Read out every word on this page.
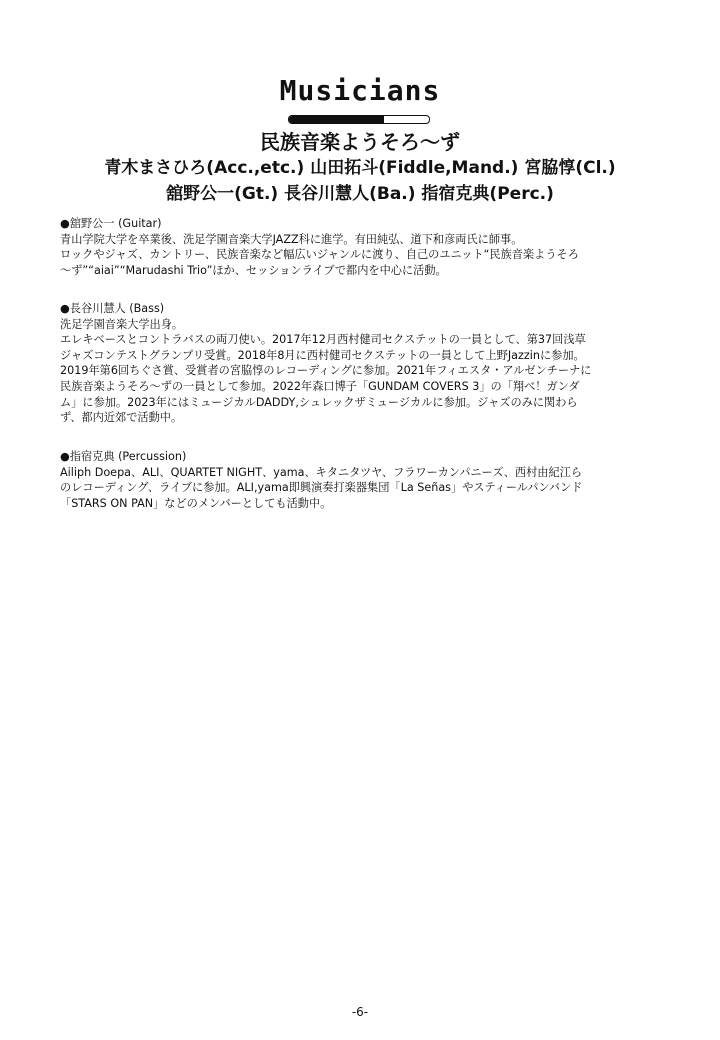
Musicians
民族音楽ようそろ～ず
青木まさひろ(Acc.,etc.) 山田拓斗(Fiddle,Mand.) 宮脇惇(Cl.)
舘野公一(Gt.) 長谷川慧人(Ba.) 指宿克典(Perc.)

●舘野公一 (Guitar)

青山学院大学を卒業後、洗足学園音楽大学JAZZ科に進学。有田純弘、道下和彦両氏に師事。

ロックやジャズ、カントリー、民族音楽など幅広いジャンルに渡り、自己のユニット“民族音楽ようそろ

～ず”“aiai”“Marudashi Trio”ほか、セッションライブで都内を中心に活動。

●長谷川慧人 (Bass)

洗足学園音楽大学出身。

エレキベースとコントラバスの両刀使い。2017年12月西村健司セクステットの一員として、第37回浅草

ジャズコンテストグランプリ受賞。2018年8月に西村健司セクステットの一員として上野Jazzinに参加。

2019年第6回ちぐさ賞、受賞者の宮脇惇のレコーディングに参加。2021年フィエスタ・アルゼンチーナに

民族音楽ようそろ～ずの一員として参加。2022年森口博子「GUNDAM COVERS 3」の「翔べ！ガンダ

ム」に参加。2023年にはミュージカルDADDY,シュレックザミュージカルに参加。ジャズのみに関わら

ず、都内近郊で活動中。

●指宿克典 (Percussion)

Ailiph Doepa、ALI、QUARTET NIGHT、yama、キタニタツヤ、フラワーカンパニーズ、西村由紀江ら

のレコーディング、ライブに参加。ALI,yama即興演奏打楽器集団「La Señas」やスティールパンバンド

「STARS ON PAN」などのメンバーとしても活動中。

-6-
